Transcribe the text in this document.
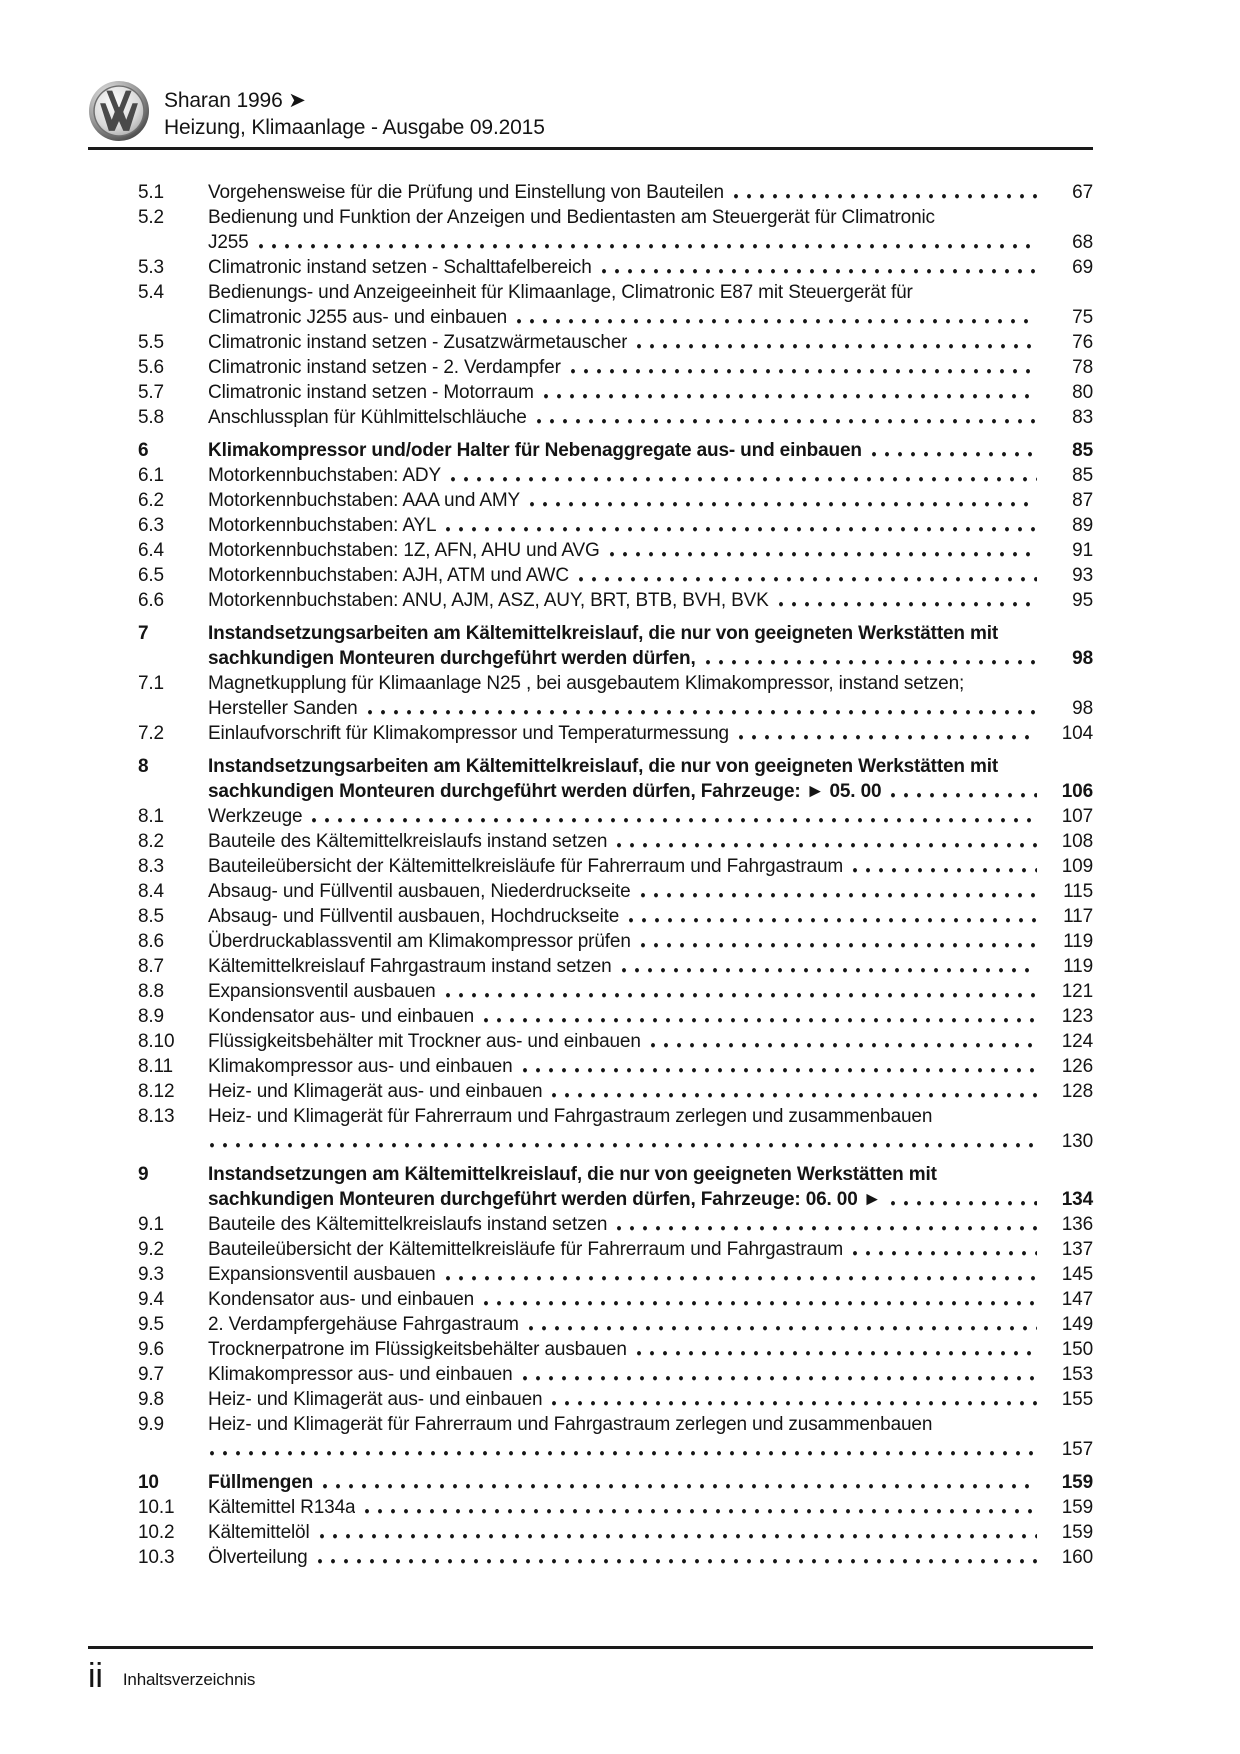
Sharan 1996 ➤
Heizung, Klimaanlage - Ausgabe 09.2015
5.1	Vorgehensweise für die Prüfung und Einstellung von Bauteilen	67
5.2	Bedienung und Funktion der Anzeigen und Bedientasten am Steuergerät für Climatronic
J255	68
5.3	Climatronic instand setzen - Schalttafelbereich	69
5.4	Bedienungs- und Anzeigeeinheit für Klimaanlage, Climatronic E87 mit Steuergerät für
Climatronic J255 aus- und einbauen	75
5.5	Climatronic instand setzen - Zusatzwärmetauscher	76
5.6	Climatronic instand setzen - 2. Verdampfer	78
5.7	Climatronic instand setzen - Motorraum	80
5.8	Anschlussplan für Kühlmittelschläuche	83
6	Klimakompressor und/oder Halter für Nebenaggregate aus- und einbauen	85
6.1	Motorkennbuchstaben: ADY	85
6.2	Motorkennbuchstaben: AAA und AMY	87
6.3	Motorkennbuchstaben: AYL	89
6.4	Motorkennbuchstaben: 1Z, AFN, AHU und AVG	91
6.5	Motorkennbuchstaben: AJH, ATM und AWC	93
6.6	Motorkennbuchstaben: ANU, AJM, ASZ, AUY, BRT, BTB, BVH, BVK	95
7	Instandsetzungsarbeiten am Kältemittelkreislauf, die nur von geeigneten Werkstätten mit
sachkundigen Monteuren durchgeführt werden dürfen,	98
7.1	Magnetkupplung für Klimaanlage N25 , bei ausgebautem Klimakompressor, instand setzen;
Hersteller Sanden	98
7.2	Einlaufvorschrift für Klimakompressor und Temperaturmessung	104
8	Instandsetzungsarbeiten am Kältemittelkreislauf, die nur von geeigneten Werkstätten mit
sachkundigen Monteuren durchgeführt werden dürfen, Fahrzeuge: ► 05. 00	106
8.1	Werkzeuge	107
8.2	Bauteile des Kältemittelkreislaufs instand setzen	108
8.3	Bauteileübersicht der Kältemittelkreisläufe für Fahrerraum und Fahrgastraum	109
8.4	Absaug- und Füllventil ausbauen, Niederdruckseite	115
8.5	Absaug- und Füllventil ausbauen, Hochdruckseite	117
8.6	Überdruckablassventil am Klimakompressor prüfen	119
8.7	Kältemittelkreislauf Fahrgastraum instand setzen	119
8.8	Expansionsventil ausbauen	121
8.9	Kondensator aus- und einbauen	123
8.10	Flüssigkeitsbehälter mit Trockner aus- und einbauen	124
8.11	Klimakompressor aus- und einbauen	126
8.12	Heiz- und Klimagerät aus- und einbauen	128
8.13	Heiz- und Klimagerät für Fahrerraum und Fahrgastraum zerlegen und zusammenbauen
130
9	Instandsetzungen am Kältemittelkreislauf, die nur von geeigneten Werkstätten mit
sachkundigen Monteuren durchgeführt werden dürfen, Fahrzeuge: 06. 00 ►	134
9.1	Bauteile des Kältemittelkreislaufs instand setzen	136
9.2	Bauteileübersicht der Kältemittelkreisläufe für Fahrerraum und Fahrgastraum	137
9.3	Expansionsventil ausbauen	145
9.4	Kondensator aus- und einbauen	147
9.5	2. Verdampfergehäuse Fahrgastraum	149
9.6	Trocknerpatrone im Flüssigkeitsbehälter ausbauen	150
9.7	Klimakompressor aus- und einbauen	153
9.8	Heiz- und Klimagerät aus- und einbauen	155
9.9	Heiz- und Klimagerät für Fahrerraum und Fahrgastraum zerlegen und zusammenbauen
157
10	Füllmengen	159
10.1	Kältemittel R134a	159
10.2	Kältemittelöl	159
10.3	Ölverteilung	160
ii Inhaltsverzeichnis
